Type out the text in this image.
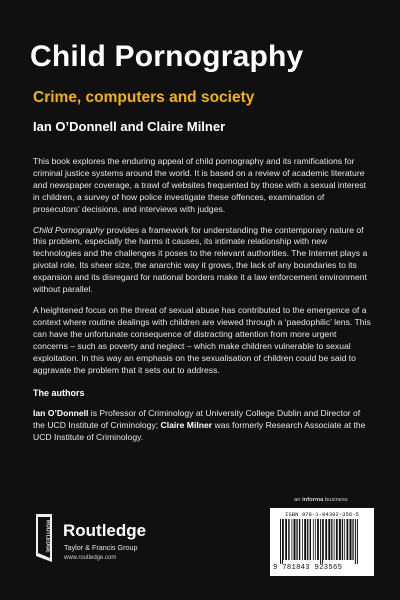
Child Pornography
Crime, computers and society
Ian O’Donnell and Claire Milner

This book explores the enduring appeal of child pornography and its ramifications for criminal justice systems around the world. It is based on a review of academic literature and newspaper coverage, a trawl of websites frequented by those with a sexual interest in children, a survey of how police investigate these offences, examination of prosecutors’ decisions, and interviews with judges.

Child Pornography provides a framework for understanding the contemporary nature of this problem, especially the harms it causes, its intimate relationship with new technologies and the challenges it poses to the relevant authorities. The Internet plays a pivotal role. Its sheer size, the anarchic way it grows, the lack of any boundaries to its expansion and its disregard for national borders make it a law enforcement environment without parallel.

A heightened focus on the threat of sexual abuse has contributed to the emergence of a context where routine dealings with children are viewed through a ‘paedophilic’ lens. This can have the unfortunate consequence of distracting attention from more urgent concerns – such as poverty and neglect – which make children vulnerable to sexual exploitation. In this way an emphasis on the sexualisation of children could be said to aggravate the problem that it sets out to address.

The authors

Ian O’Donnell is Professor of Criminology at University College Dublin and Director of the UCD Institute of Criminology; Claire Milner was formerly Research Associate at the UCD Institute of Criminology.

an informa business
ROUTLEDGE Routledge
Taylor & Francis Group
www.routledge.com
ISBN 978-1-84392-356-5
9 781843 923565
